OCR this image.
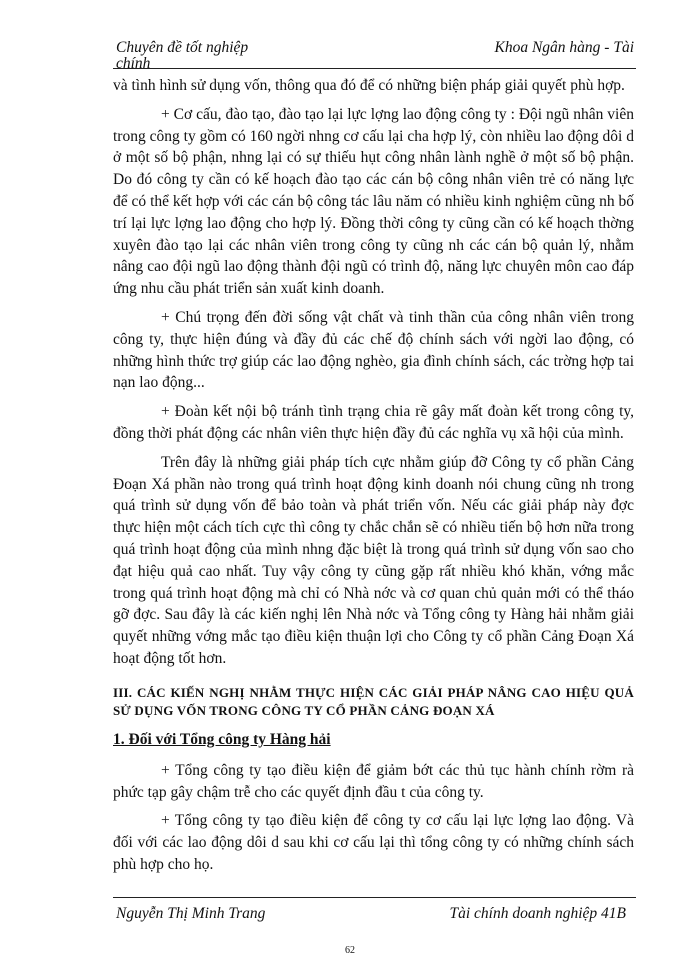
Chuyên đề tốt nghiệp	Khoa Ngân hàng - Tài
chính

và tình hình sử dụng vốn, thông qua đó để có những biện pháp giải quyết phù hợp.

+ Cơ cấu, đào tạo, đào tạo lại lực lợng lao động công ty : Đội ngũ nhân viên trong công ty gồm có 160 ngời nhng cơ cấu lại cha hợp lý, còn nhiều lao động dôi d ở một số bộ phận, nhng lại có sự thiếu hụt công nhân lành nghề ở một số bộ phận. Do đó công ty cần có kế hoạch đào tạo các cán bộ công nhân viên trẻ có năng lực để có thể kết hợp với các cán bộ công tác lâu năm có nhiều kinh nghiệm cũng nh bố trí lại lực lợng lao động cho hợp lý. Đồng thời công ty cũng cần có kế hoạch thờng xuyên đào tạo lại các nhân viên trong công ty cũng nh các cán bộ quản lý, nhằm nâng cao đội ngũ lao động thành đội ngũ có trình độ, năng lực chuyên môn cao đáp ứng nhu cầu phát triển sản xuất kinh doanh.

+ Chú trọng đến đời sống vật chất và tinh thần của công nhân viên trong công ty, thực hiện đúng và đầy đủ các chế độ chính sách với ngời lao động, có những hình thức trợ giúp các lao động nghèo, gia đình chính sách, các trờng hợp tai nạn lao động...

+ Đoàn kết nội bộ tránh tình trạng chia rẽ gây mất đoàn kết trong công ty, đồng thời phát động các nhân viên thực hiện đầy đủ các nghĩa vụ xã hội của mình.

Trên đây là những giải pháp tích cực nhằm giúp đỡ Công ty cổ phần Cảng Đoạn Xá phần nào trong quá trình hoạt động kinh doanh nói chung cũng nh trong quá trình sử dụng vốn để bảo toàn và phát triển vốn. Nếu các giải pháp này đợc thực hiện một cách tích cực thì công ty chắc chắn sẽ có nhiều tiến bộ hơn nữa trong quá trình hoạt động của mình nhng đặc biệt là trong quá trình sử dụng vốn sao cho đạt hiệu quả cao nhất. Tuy vậy công ty cũng gặp rất nhiều khó khăn, vớng mắc trong quá trình hoạt động mà chỉ có Nhà nớc và cơ quan chủ quản mới có thể tháo gỡ đợc. Sau đây là các kiến nghị lên Nhà nớc và Tổng công ty Hàng hải nhằm giải quyết những vớng mắc tạo điều kiện thuận lợi cho Công ty cổ phần Cảng Đoạn Xá hoạt động tốt hơn.

III. CÁC KIẾN NGHỊ NHẰM THỰC HIỆN CÁC GIẢI PHÁP NÂNG CAO HIỆU QUẢ SỬ DỤNG VỐN TRONG CÔNG TY CỔ PHẦN CẢNG ĐOẠN XÁ
1. Đối với Tổng công ty Hàng hải

+ Tổng công ty tạo điều kiện để giảm bớt các thủ tục hành chính rờm rà phức tạp gây chậm trễ cho các quyết định đầu t của công ty.

+ Tổng công ty tạo điều kiện để công ty cơ cấu lại lực lợng lao động. Và đối với các lao động dôi d sau khi cơ cấu lại thì tổng công ty có những chính sách phù hợp cho họ.

Nguyễn Thị Minh Trang	Tài chính doanh nghiệp 41B
62
